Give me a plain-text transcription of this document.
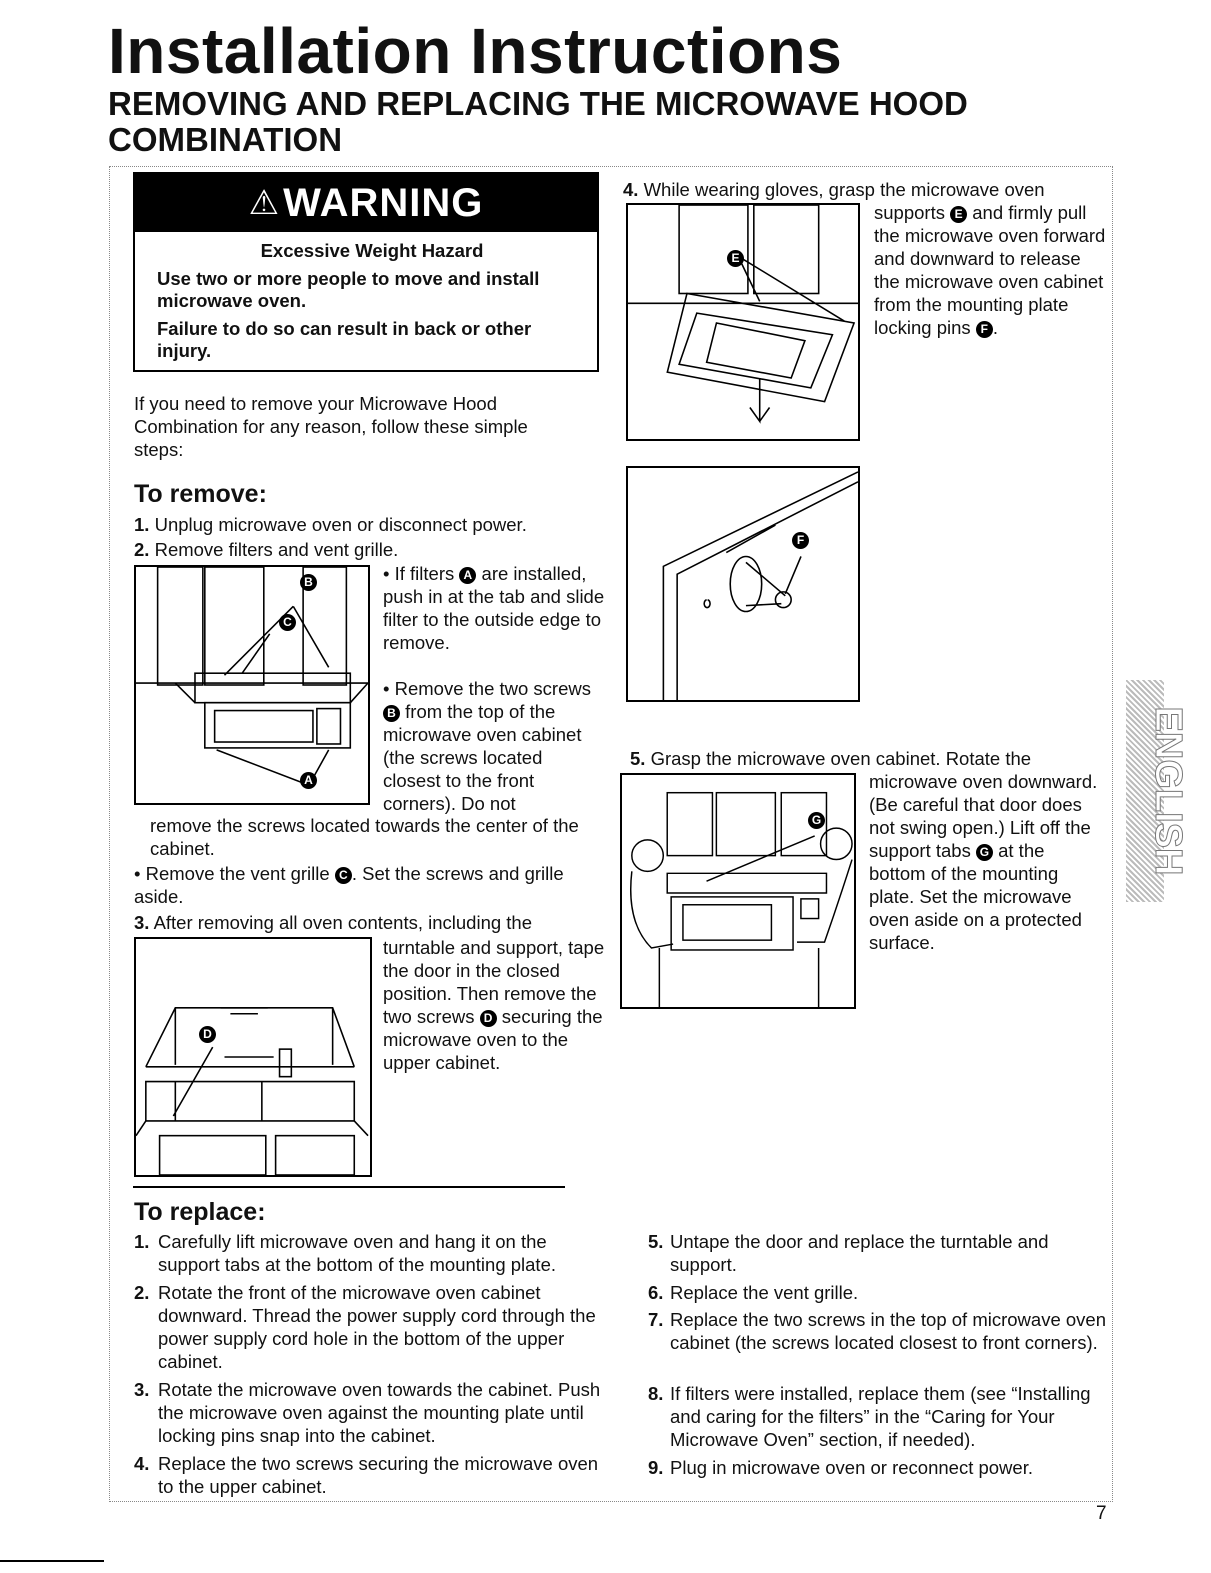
Installation Instructions
REMOVING AND REPLACING THE MICROWAVE HOOD COMBINATION
⚠ WARNING
Excessive Weight Hazard

Use two or more people to move and install microwave oven.

Failure to do so can result in back or other injury.

If you need to remove your Microwave Hood Combination for any reason, follow these simple steps:
To remove:
1. Unplug microwave oven or disconnect power.
2. Remove filters and vent grille.
B
C
A
• If filters A are installed, push in at the tab and slide filter to the outside edge to remove.
• Remove the two screws B from the top of the microwave oven cabinet (the screws located closest to the front corners). Do not
remove the screws located towards the center of the cabinet.
• Remove the vent grille C . Set the screws and grille aside.
3. After removing all oven contents, including the
D
turntable and support, tape the door in the closed position. Then remove the two screws D securing the microwave oven to the upper cabinet.
4. While wearing gloves, grasp the microwave oven
E
supports E and firmly pull the microwave oven forward and downward to release the microwave oven cabinet from the mounting plate locking pins F .
F
5. Grasp the microwave oven cabinet. Rotate the
G
microwave oven downward. (Be careful that door does not swing open.) Lift off the support tabs G at the bottom of the mounting plate. Set the microwave oven aside on a protected surface.
To replace:
1. Carefully lift microwave oven and hang it on the support tabs at the bottom of the mounting plate.
2. Rotate the front of the microwave oven cabinet downward. Thread the power supply cord through the power supply cord hole in the bottom of the upper cabinet.
3. Rotate the microwave oven towards the cabinet. Push the microwave oven against the mounting plate until locking pins snap into the cabinet.
4. Replace the two screws securing the microwave oven to the upper cabinet.
5. Untape the door and replace the turntable and support.
6. Replace the vent grille.
7. Replace the two screws in the top of microwave oven cabinet (the screws located closest to front corners).
8. If filters were installed, replace them (see “Installing and caring for the filters” in the “Caring for Your Microwave Oven” section, if needed).
9. Plug in microwave oven or reconnect power.
ENGLISH
7
